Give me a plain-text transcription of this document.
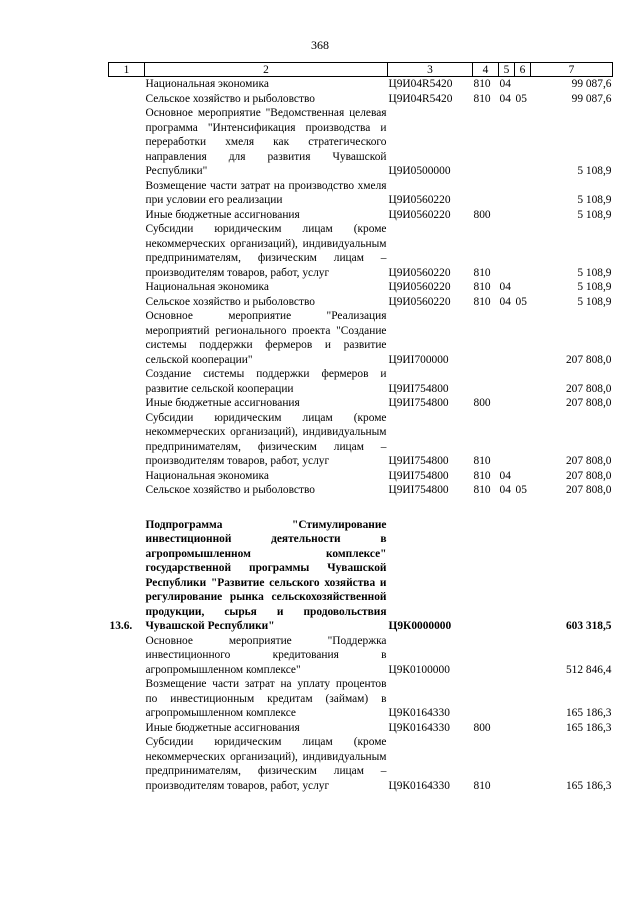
368
1	2	3	4	5	6	7
	Национальная экономика	Ц9И04R5420	810	04		99 087,6
	Сельское хозяйство и рыболовство	Ц9И04R5420	810	04	05	99 087,6
	Основное мероприятие "Ведомственная целевая программа "Интенсификация производства и переработки хмеля как стратегического направления для развития Чувашской Республики"	Ц9И0500000				5 108,9
	Возмещение части затрат на производство хмеля при условии его реализации	Ц9И0560220				5 108,9
	Иные бюджетные ассигнования	Ц9И0560220	800			5 108,9
	Субсидии юридическим лицам (кроме некоммерческих организаций), индивидуальным предпринимателям, физическим лицам – производителям товаров, работ, услуг	Ц9И0560220	810			5 108,9
	Национальная экономика	Ц9И0560220	810	04		5 108,9
	Сельское хозяйство и рыболовство	Ц9И0560220	810	04	05	5 108,9
	Основное мероприятие "Реализация мероприятий регионального проекта "Создание системы поддержки фермеров и развитие сельской кооперации"	Ц9ИI700000				207 808,0
	Создание системы поддержки фермеров и развитие сельской кооперации	Ц9ИI754800				207 808,0
	Иные бюджетные ассигнования	Ц9ИI754800	800			207 808,0
	Субсидии юридическим лицам (кроме некоммерческих организаций), индивидуальным предпринимателям, физическим лицам – производителям товаров, работ, услуг	Ц9ИI754800	810			207 808,0
	Национальная экономика	Ц9ИI754800	810	04		207 808,0
	Сельское хозяйство и рыболовство	Ц9ИI754800	810	04	05	207 808,0

13.6.	Подпрограмма "Стимулирование инвестиционной деятельности в агропромышленном комплексе" государственной программы Чувашской Республики "Развитие сельского хозяйства и регулирование рынка сельскохозяйственной продукции, сырья и продовольствия Чувашской Республики"	Ц9К0000000				603 318,5
	Основное мероприятие "Поддержка инвестиционного кредитования в агропромышленном комплексе"	Ц9К0100000				512 846,4
	Возмещение части затрат на уплату процентов по инвестиционным кредитам (займам) в агропромышленном комплексе	Ц9К0164330				165 186,3
	Иные бюджетные ассигнования	Ц9К0164330	800			165 186,3
	Субсидии юридическим лицам (кроме некоммерческих организаций), индивидуальным предпринимателям, физическим лицам – производителям товаров, работ, услуг	Ц9К0164330	810			165 186,3
